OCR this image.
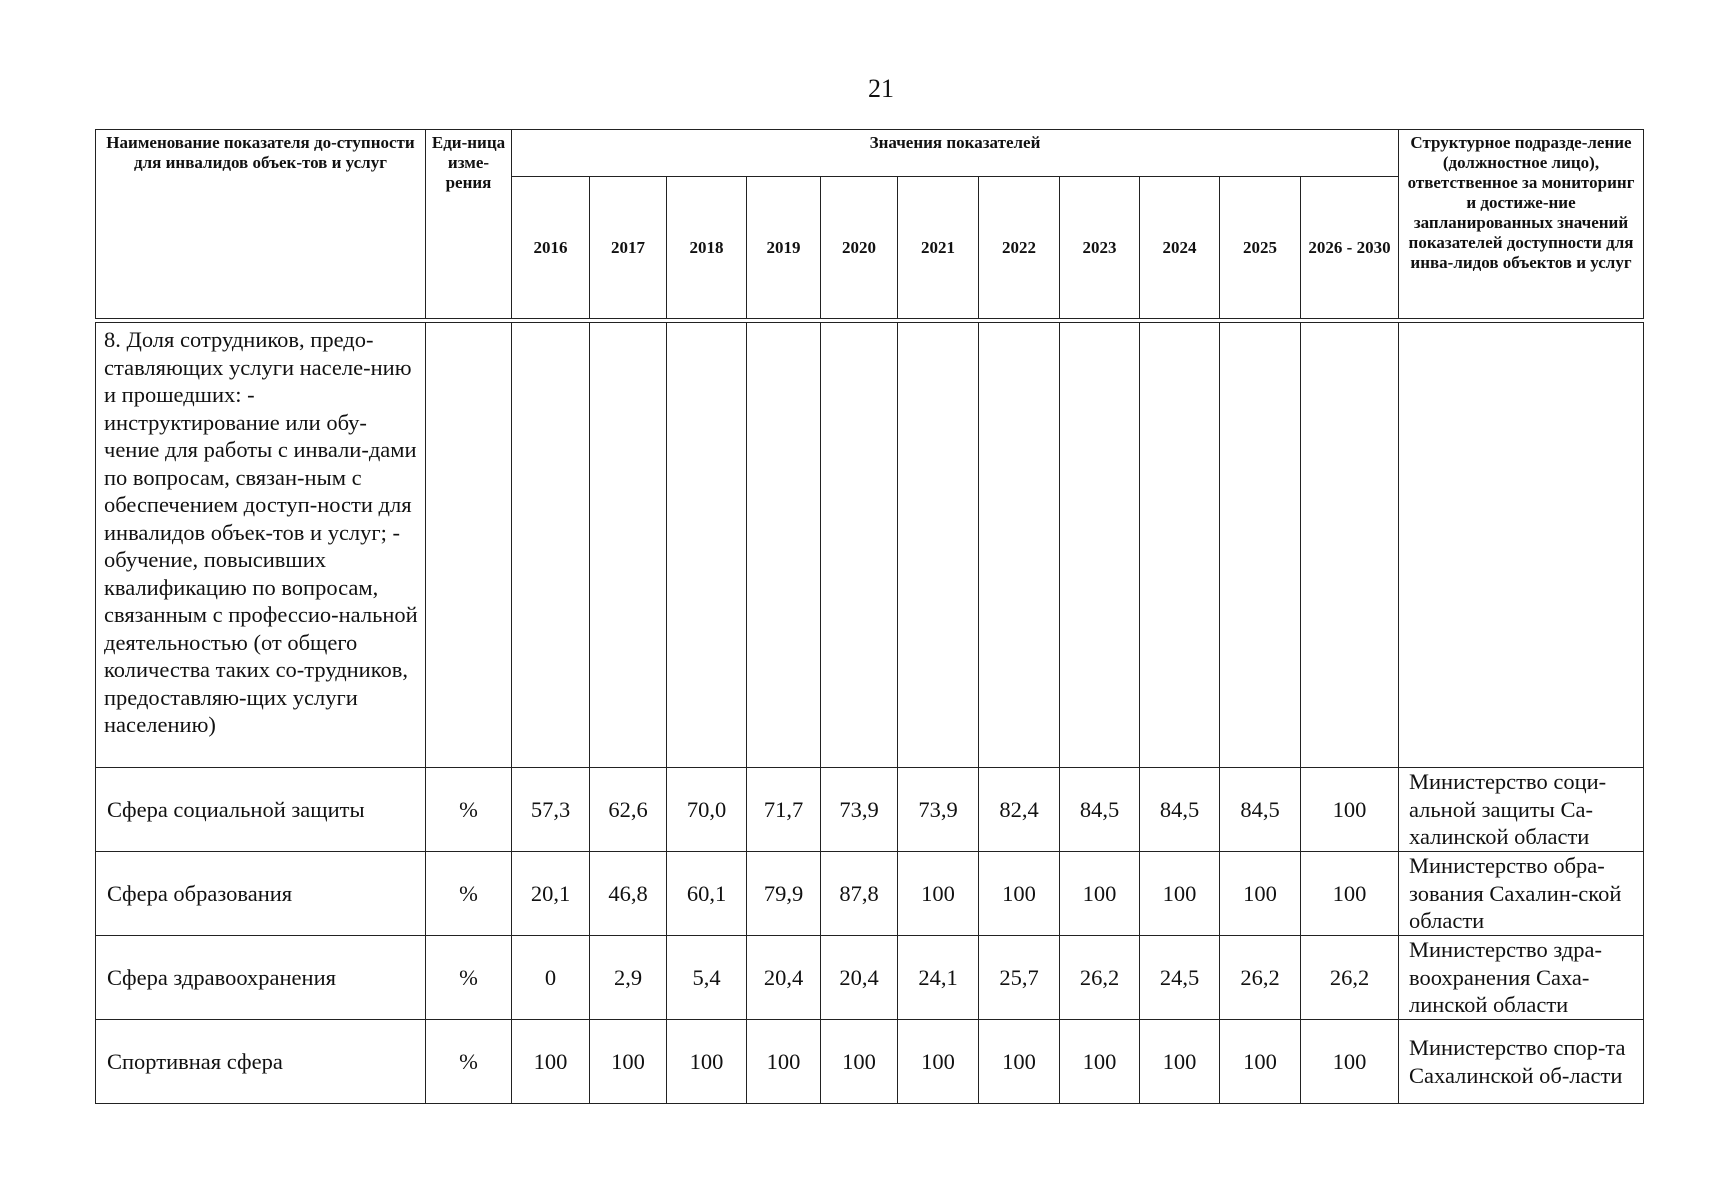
21
Наименование показателя до-ступности для инвалидов объек-тов и услуг	Еди-ница изме-рения	Значения показателей											Структурное подразде-ление (должностное лицо), ответственное за мониторинг и достиже-ние запланированных значений показателей доступности для инва-лидов объектов и услуг
		2016	2017	2018	2019	2020	2021	2022	2023	2024	2025	2026 - 2030	

8. Доля сотрудников, предо-ставляющих услуги населе-нию и прошедших: - инструктирование или обу-чение для работы с инвали-дами по вопросам, связан-ным с обеспечением доступ-ности для инвалидов объек-тов и услуг; - обучение, повысивших квалификацию по вопросам, связанным с профессио-нальной деятельностью (от общего количества таких со-трудников, предоставляю-щих услуги населению)													
Сфера социальной защиты	%	57,3	62,6	70,0	71,7	73,9	73,9	82,4	84,5	84,5	84,5	100	Министерство соци-альной защиты Са-халинской области
Сфера образования	%	20,1	46,8	60,1	79,9	87,8	100	100	100	100	100	100	Министерство обра-зования Сахалин-ской области
Сфера здравоохранения	%	0	2,9	5,4	20,4	20,4	24,1	25,7	26,2	24,5	26,2	26,2	Министерство здра-воохранения Саха-линской области
Спортивная сфера	%	100	100	100	100	100	100	100	100	100	100	100	Министерство спор-та Сахалинской об-ласти
